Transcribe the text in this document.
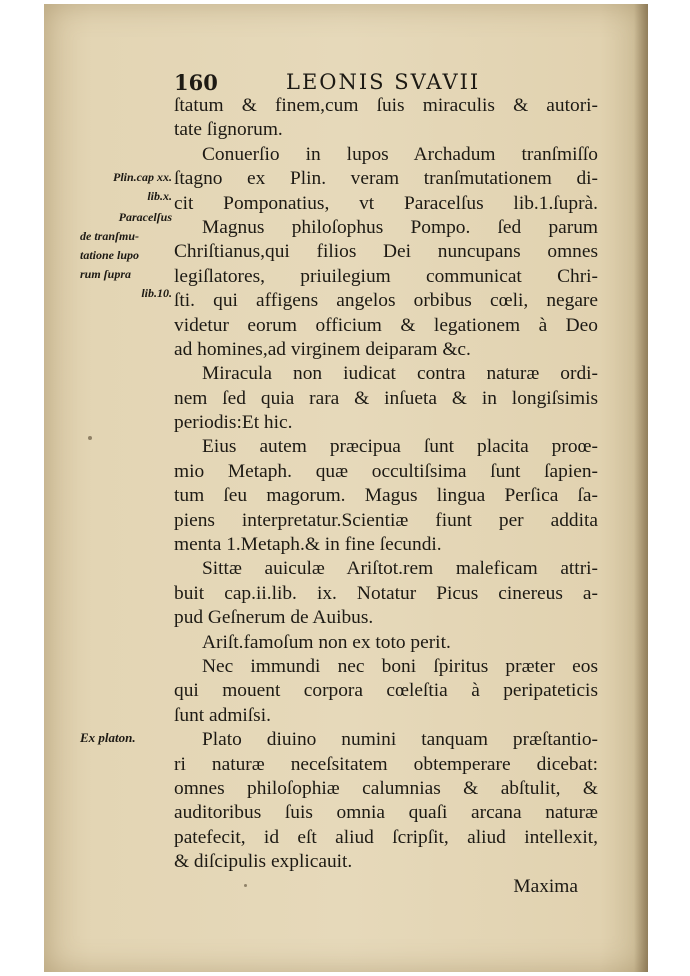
160	LEONIS SVAVII
ſtatum & finem,cum ſuis miraculis & autori-
tate ſignorum.
Conuerſio in lupos Archadum tranſmiſſo
ſtagno ex Plin. veram tranſmutationem di-
cit Pomponatius, vt Paracelſus lib.1.ſuprà.
Magnus philoſophus Pompo. ſed parum
Chriſtianus,qui filios Dei nuncupans omnes
legiſlatores, priuilegium communicat Chri-
ſti. qui affigens angelos orbibus cœli, negare
videtur eorum officium & legationem à Deo
ad homines,ad virginem deiparam &c.
Miracula non iudicat contra naturæ ordi-
nem ſed quia rara & inſueta & in longiſsimis
periodis:Et hic.
Eius autem præcipua ſunt placita proœ-
mio Metaph. quæ occultiſsima ſunt ſapien-
tum ſeu magorum. Magus lingua Perſica ſa-
piens interpretatur.Scientiæ fiunt per addita
menta 1.Metaph.& in fine ſecundi.
Sittæ auiculæ Ariſtot.rem maleficam attri-
buit cap.ii.lib. ix. Notatur Picus cinereus a-
pud Geſnerum de Auibus.
Ariſt.famoſum non ex toto perit.
Nec immundi nec boni ſpiritus præter eos
qui mouent corpora cœleſtia à peripateticis
ſunt admiſsi.
Plato diuino numini tanquam præſtantio-
ri naturæ neceſsitatem obtemperare dicebat:
omnes philoſophiæ calumnias & abſtulit, &
auditoribus ſuis omnia quaſi arcana naturæ
patefecit, id eſt aliud ſcripſit, aliud intellexit,
& diſcipulis explicauit.
Maxima
Plin.cap xx.
lib.x.
Paracelſus
de tranſmu-
tatione lupo
rum ſupra
lib.10.
Ex platon.
